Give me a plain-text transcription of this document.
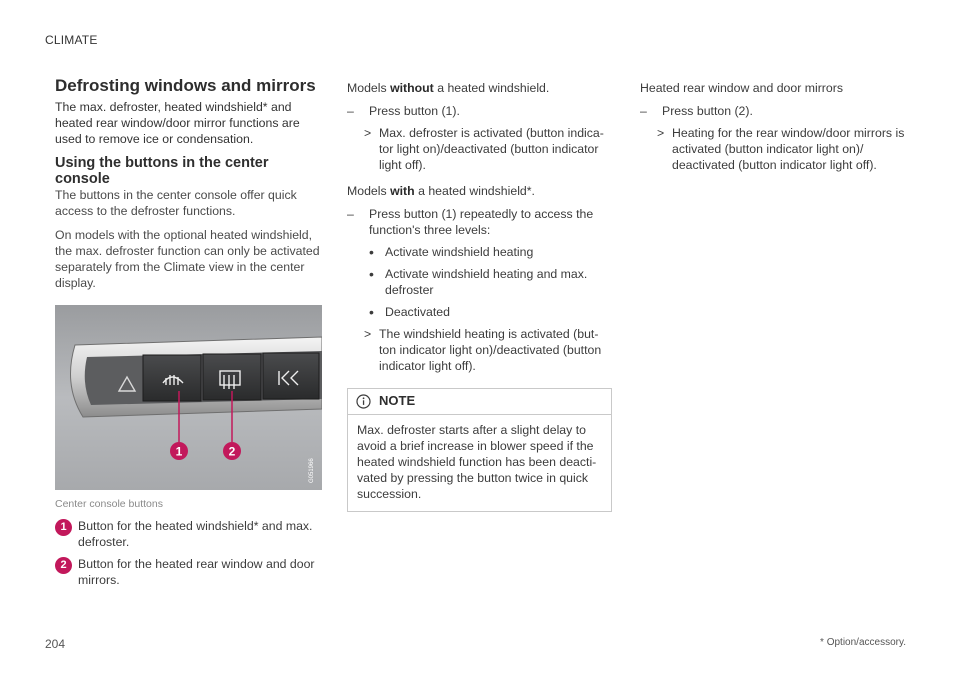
CLIMATE
Defrosting windows and mirrors

The max. defroster, heated windshield* and heated rear window/door mirror functions are used to remove ice or condensation.

Using the buttons in the center console

The buttons in the center console offer quick access to the defroster functions.

On models with the optional heated windshield, the max. defroster function can only be activated separately from the Climate view in the center display.

1	2
G051966
Center console buttons
1 Button for the heated windshield* and max. defroster.
2 Button for the heated rear window and door mirrors.

Models without a heated windshield.

–	Press button (1).
> Max. defroster is activated (button indica-tor light on)/deactivated (button indicator light off).

Models with a heated windshield*.

–	Press button (1) repeatedly to access the function's three levels:
• Activate windshield heating
• Activate windshield heating and max. defroster
• Deactivated
> The windshield heating is activated (but-ton indicator light on)/deactivated (button indicator light off).
NOTE
Max. defroster starts after a slight delay to avoid a brief increase in blower speed if the heated windshield function has been deacti-vated by pressing the button twice in quick succession.

Heated rear window and door mirrors

–	Press button (2).
> Heating for the rear window/door mirrors is activated (button indicator light on)/ deactivated (button indicator light off).
204	* Option/accessory.
